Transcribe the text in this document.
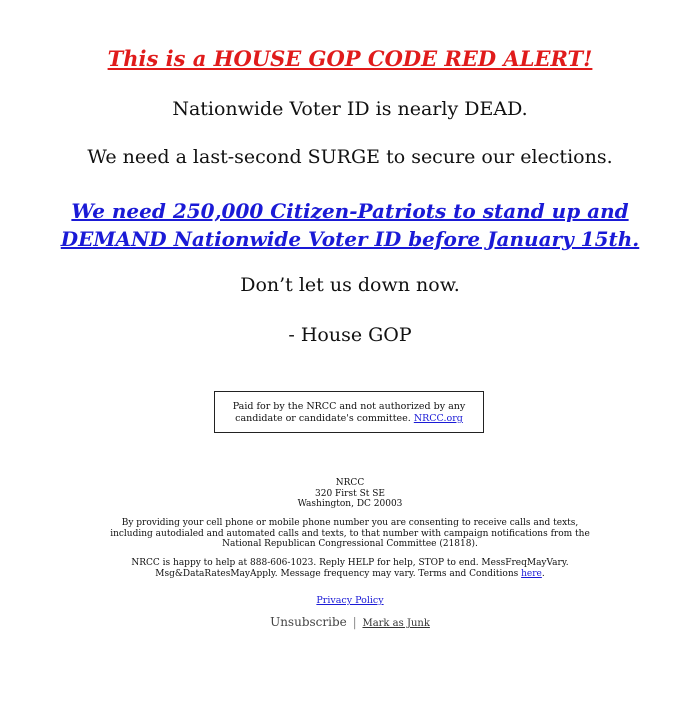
This is a HOUSE GOP CODE RED ALERT!
Nationwide Voter ID is nearly DEAD.
We need a last-second SURGE to secure our elections.
We need 250,000 Citizen-Patriots to stand up and
DEMAND Nationwide Voter ID before January 15th.
Don’t let us down now.
- House GOP
Paid for by the NRCC and not authorized by any
candidate or candidate's committee. NRCC.org
NRCC
320 First St SE
Washington, DC 20003
By providing your cell phone or mobile phone number you are consenting to receive calls and texts, including autodialed and automated calls and texts, to that number with campaign notifications from the National Republican Congressional Committee (21818).
NRCC is happy to help at 888-606-1023. Reply HELP for help, STOP to end. MessFreqMayVary. Msg&DataRatesMayApply. Message frequency may vary. Terms and Conditions here.
Privacy Policy
Unsubscribe | Mark as Junk
